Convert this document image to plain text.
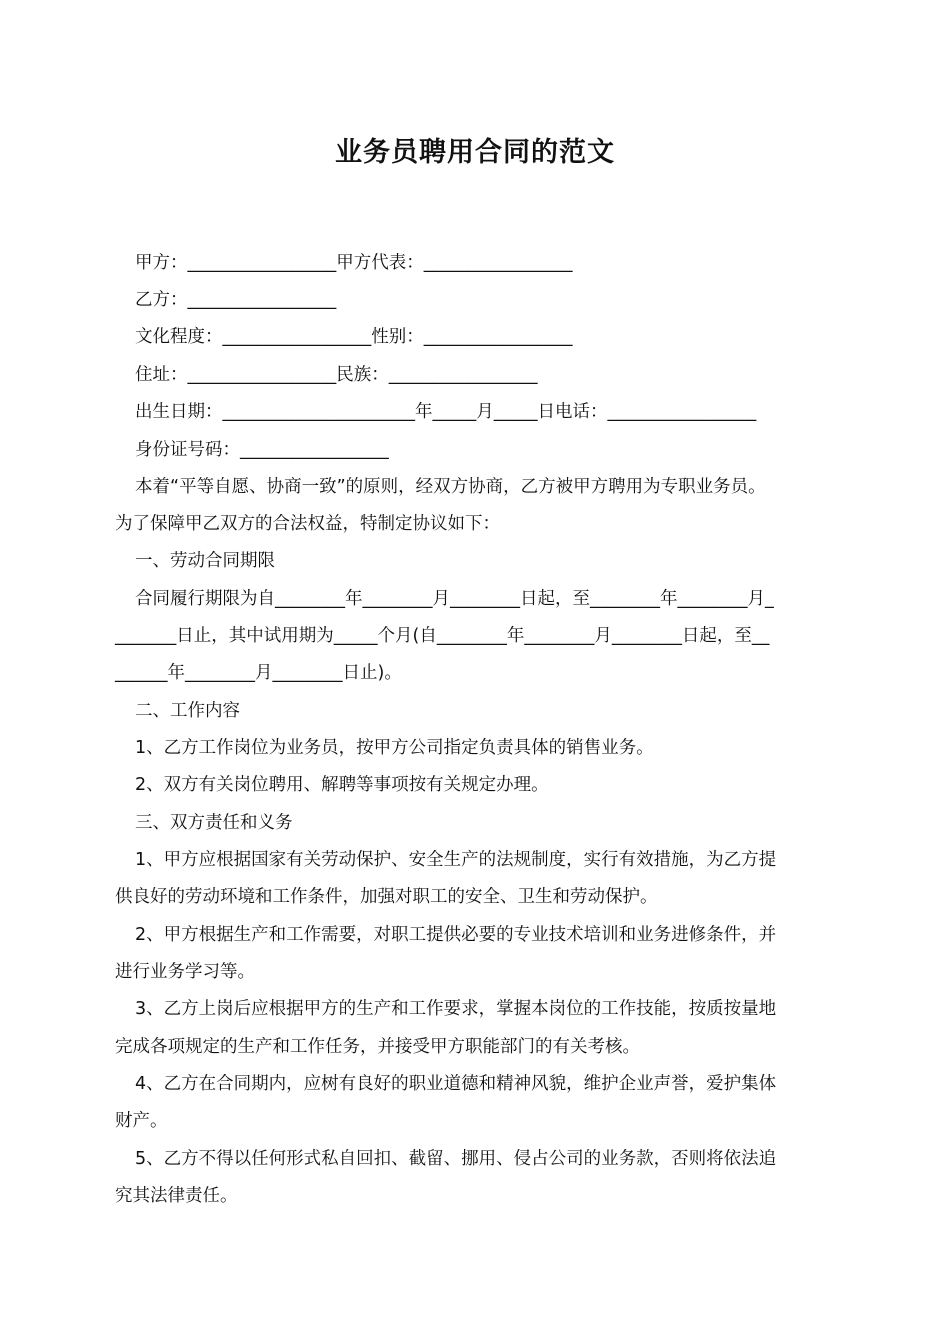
业务员聘用合同的范文
甲方：_________________甲方代表：_________________
乙方：_________________
文化程度：_________________性别：_________________
住址：_________________民族：_________________
出生日期：______________________年_____月_____日电话：_________________
身份证号码：_________________
本着“平等自愿、协商一致”的原则，经双方协商，乙方被甲方聘用为专职业务员。
为了保障甲乙双方的合法权益，特制定协议如下：
一、劳动合同期限
合同履行期限为自________年________月________日起，至________年________月_
_______日止，其中试用期为_____个月(自________年________月________日起，至__
______年________月________日止)。
二、工作内容
1、乙方工作岗位为业务员，按甲方公司指定负责具体的销售业务。
2、双方有关岗位聘用、解聘等事项按有关规定办理。
三、双方责任和义务
1、甲方应根据国家有关劳动保护、安全生产的法规制度，实行有效措施，为乙方提
供良好的劳动环境和工作条件，加强对职工的安全、卫生和劳动保护。
2、甲方根据生产和工作需要，对职工提供必要的专业技术培训和业务进修条件，并
进行业务学习等。
3、乙方上岗后应根据甲方的生产和工作要求，掌握本岗位的工作技能，按质按量地
完成各项规定的生产和工作任务，并接受甲方职能部门的有关考核。
4、乙方在合同期内，应树有良好的职业道德和精神风貌，维护企业声誉，爱护集体
财产。
5、乙方不得以任何形式私自回扣、截留、挪用、侵占公司的业务款，否则将依法追
究其法律责任。
